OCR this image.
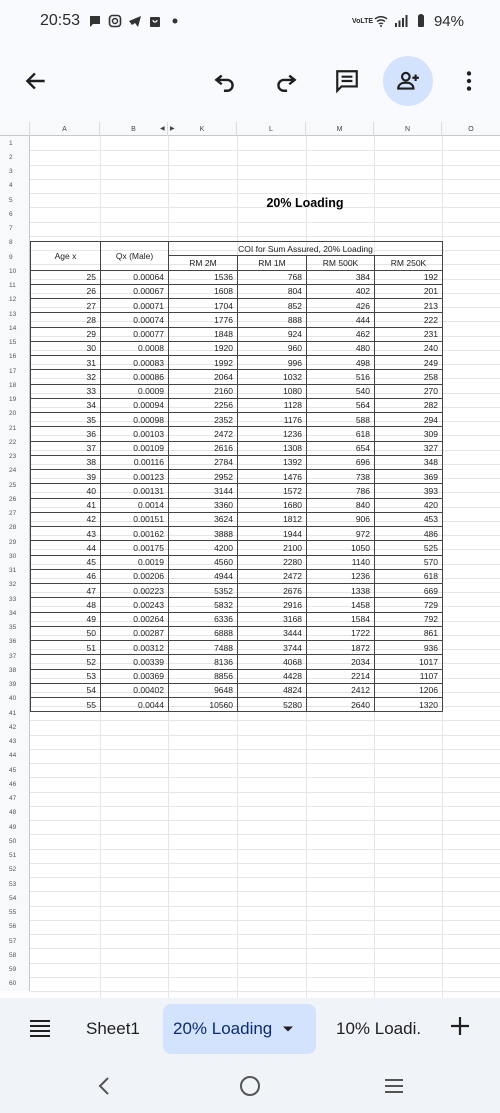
20:53	VoLTE	94%
A	B	K	L	M	N	O
◀ ▶
1
2
3
4
5
6
7
8
9
10
11
12
13
14
15
16
17
18
19
20
21
22
23
24
25
26
27
28
29
30
31
32
33
34
35
36
37
38
39
40
41
42
43
44
45
46
47
48
49
50
51
52
53
54
55
56
57
58
59
60
20% Loading
Age x	Qx (Male)	COI for Sum Assured, 20% Loading			
		RM 2M	RM 1M	RM 500K	RM 250K
25	0.00064	1536	768	384	192
26	0.00067	1608	804	402	201
27	0.00071	1704	852	426	213
28	0.00074	1776	888	444	222
29	0.00077	1848	924	462	231
30	0.0008	1920	960	480	240
31	0.00083	1992	996	498	249
32	0.00086	2064	1032	516	258
33	0.0009	2160	1080	540	270
34	0.00094	2256	1128	564	282
35	0.00098	2352	1176	588	294
36	0.00103	2472	1236	618	309
37	0.00109	2616	1308	654	327
38	0.00116	2784	1392	696	348
39	0.00123	2952	1476	738	369
40	0.00131	3144	1572	786	393
41	0.0014	3360	1680	840	420
42	0.00151	3624	1812	906	453
43	0.00162	3888	1944	972	486
44	0.00175	4200	2100	1050	525
45	0.0019	4560	2280	1140	570
46	0.00206	4944	2472	1236	618
47	0.00223	5352	2676	1338	669
48	0.00243	5832	2916	1458	729
49	0.00264	6336	3168	1584	792
50	0.00287	6888	3444	1722	861
51	0.00312	7488	3744	1872	936
52	0.00339	8136	4068	2034	1017
53	0.00369	8856	4428	2214	1107
54	0.00402	9648	4824	2412	1206
55	0.0044	10560	5280	2640	1320
Sheet1 20% Loading	10% Loadi.
